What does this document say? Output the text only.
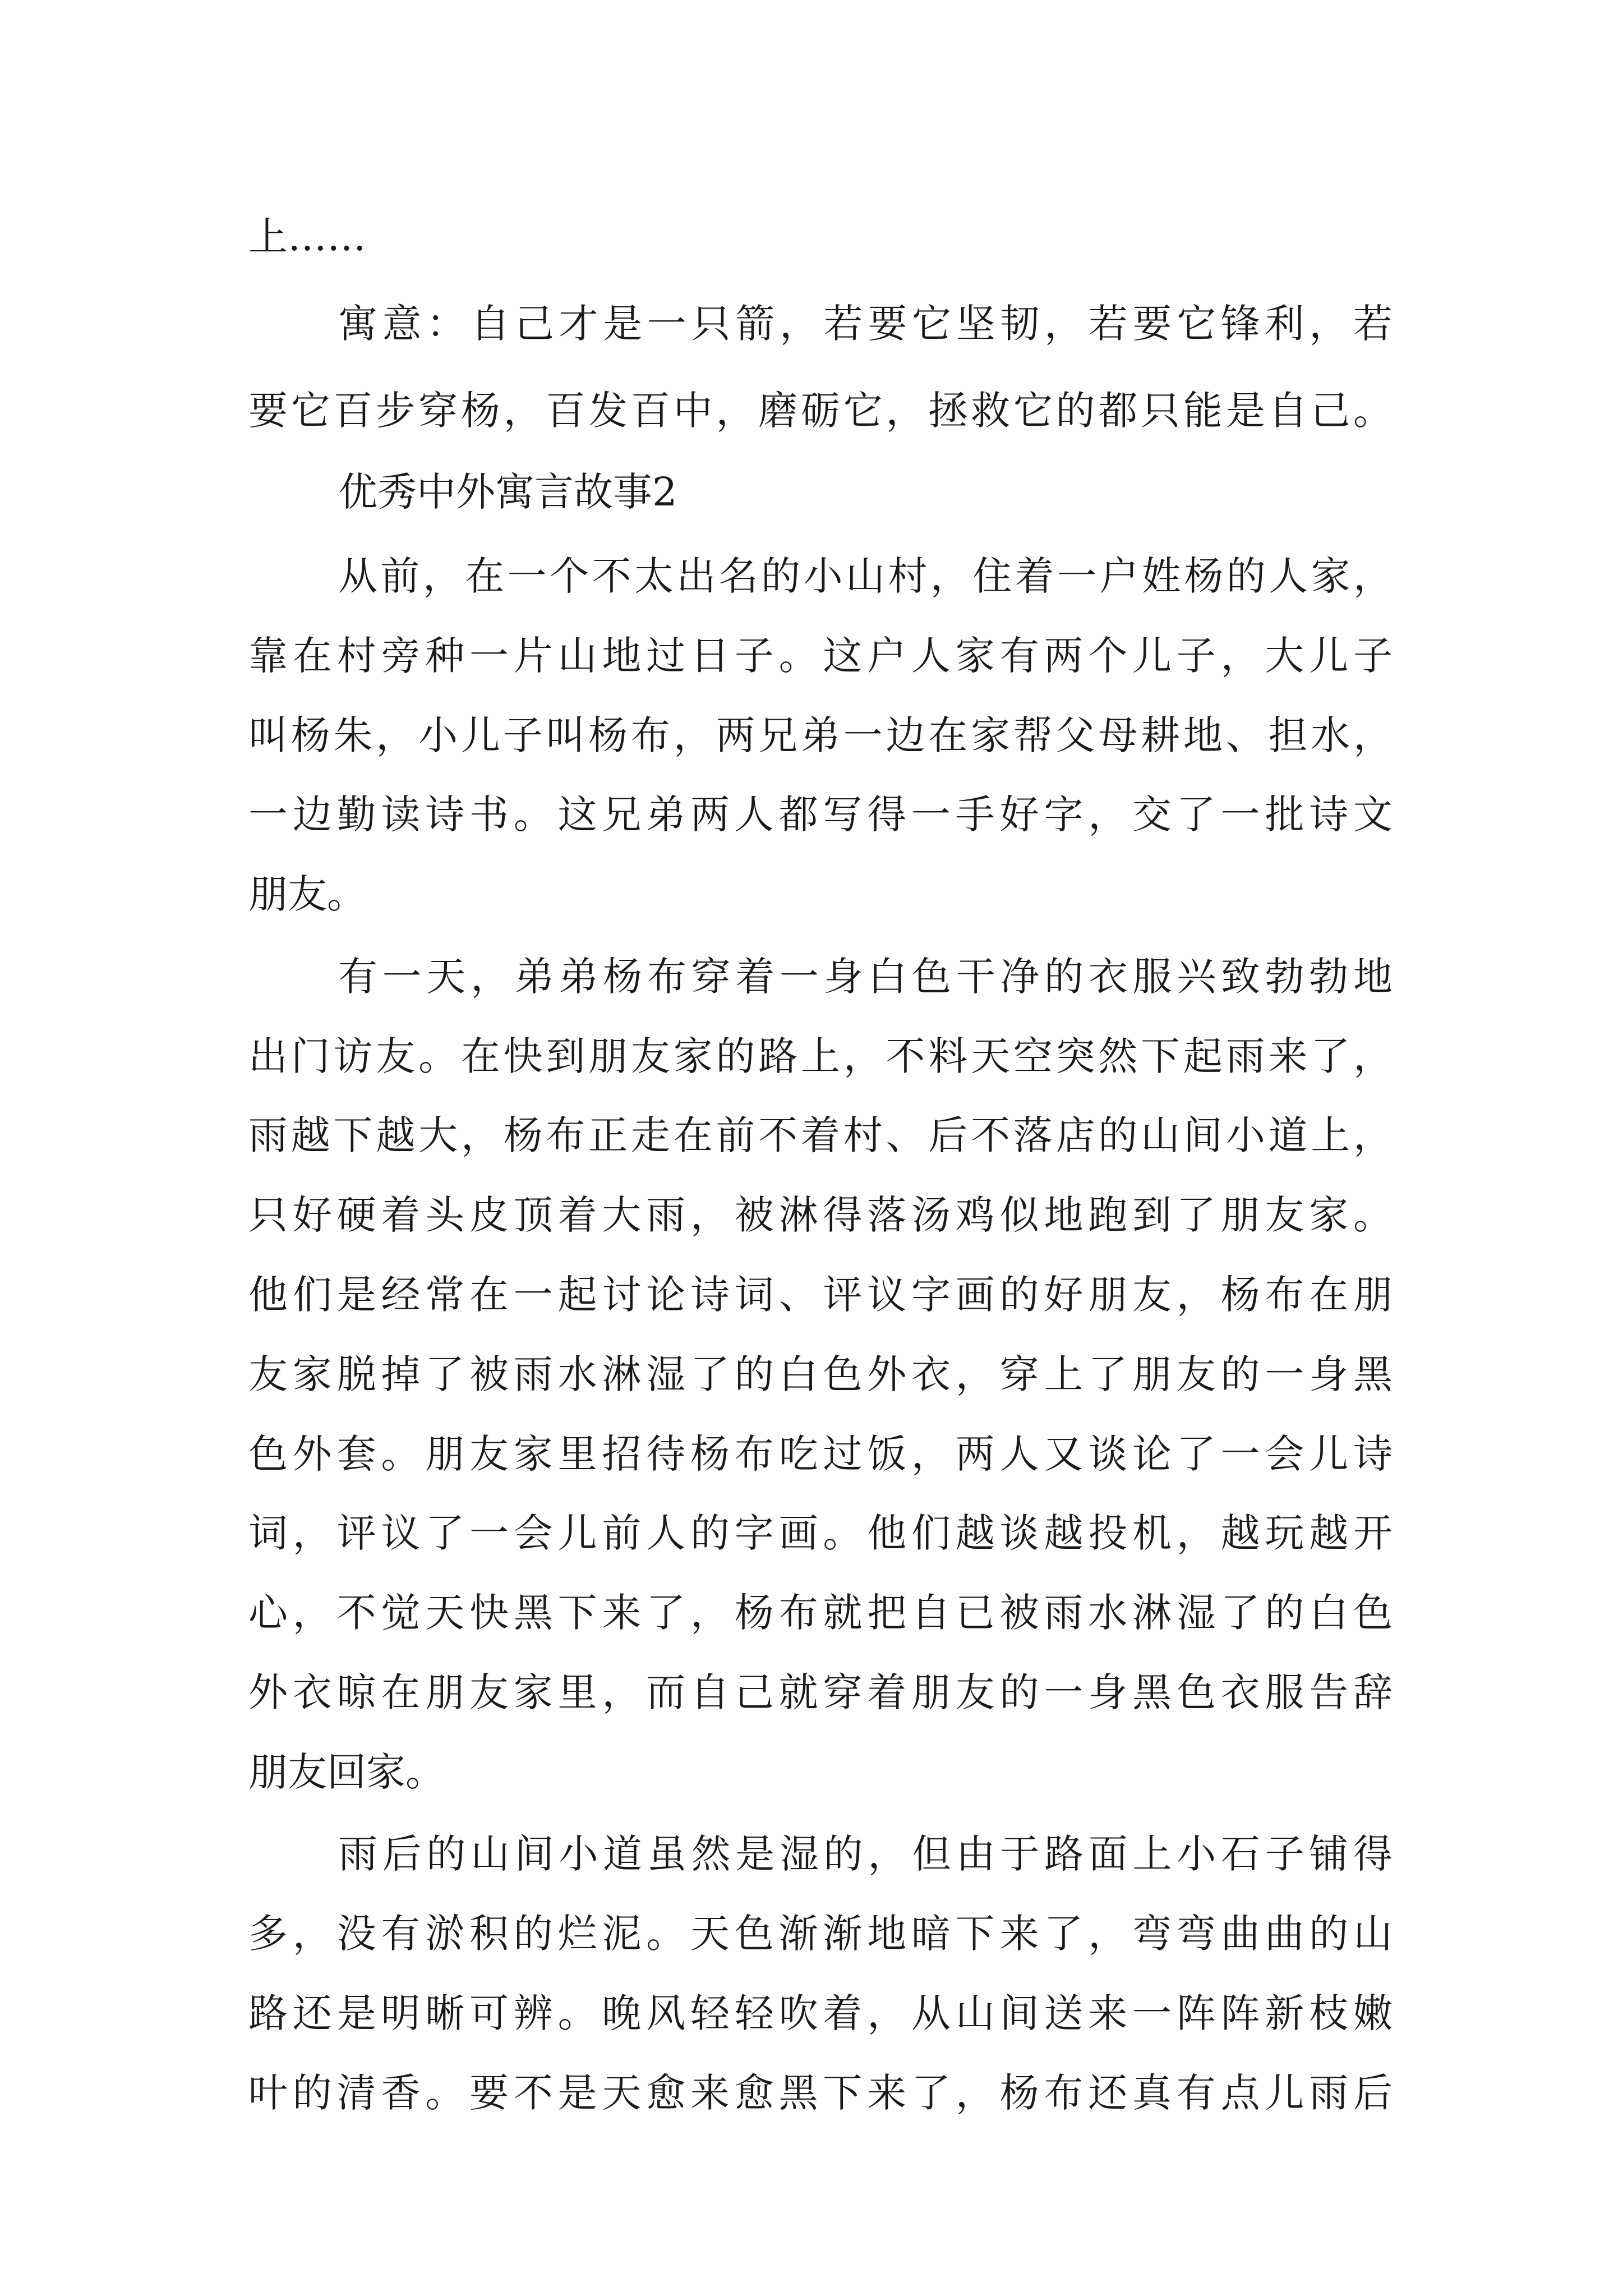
上……
寓意：自己才是一只箭，若要它坚韧，若要它锋利，若
要它百步穿杨，百发百中，磨砺它，拯救它的都只能是自己。
优秀中外寓言故事2
从前，在一个不太出名的小山村，住着一户姓杨的人家，
靠在村旁种一片山地过日子。这户人家有两个儿子，大儿子
叫杨朱，小儿子叫杨布，两兄弟一边在家帮父母耕地、担水，
一边勤读诗书。这兄弟两人都写得一手好字，交了一批诗文
朋友。
有一天，弟弟杨布穿着一身白色干净的衣服兴致勃勃地
出门访友。在快到朋友家的路上，不料天空突然下起雨来了，
雨越下越大，杨布正走在前不着村、后不落店的山间小道上，
只好硬着头皮顶着大雨，被淋得落汤鸡似地跑到了朋友家。
他们是经常在一起讨论诗词、评议字画的好朋友，杨布在朋
友家脱掉了被雨水淋湿了的白色外衣，穿上了朋友的一身黑
色外套。朋友家里招待杨布吃过饭，两人又谈论了一会儿诗
词，评议了一会儿前人的字画。他们越谈越投机，越玩越开
心，不觉天快黑下来了，杨布就把自已被雨水淋湿了的白色
外衣晾在朋友家里，而自己就穿着朋友的一身黑色衣服告辞
朋友回家。
雨后的山间小道虽然是湿的，但由于路面上小石子铺得
多，没有淤积的烂泥。天色渐渐地暗下来了，弯弯曲曲的山
路还是明晰可辨。晚风轻轻吹着，从山间送来一阵阵新枝嫩
叶的清香。要不是天愈来愈黑下来了，杨布还真有点儿雨后
